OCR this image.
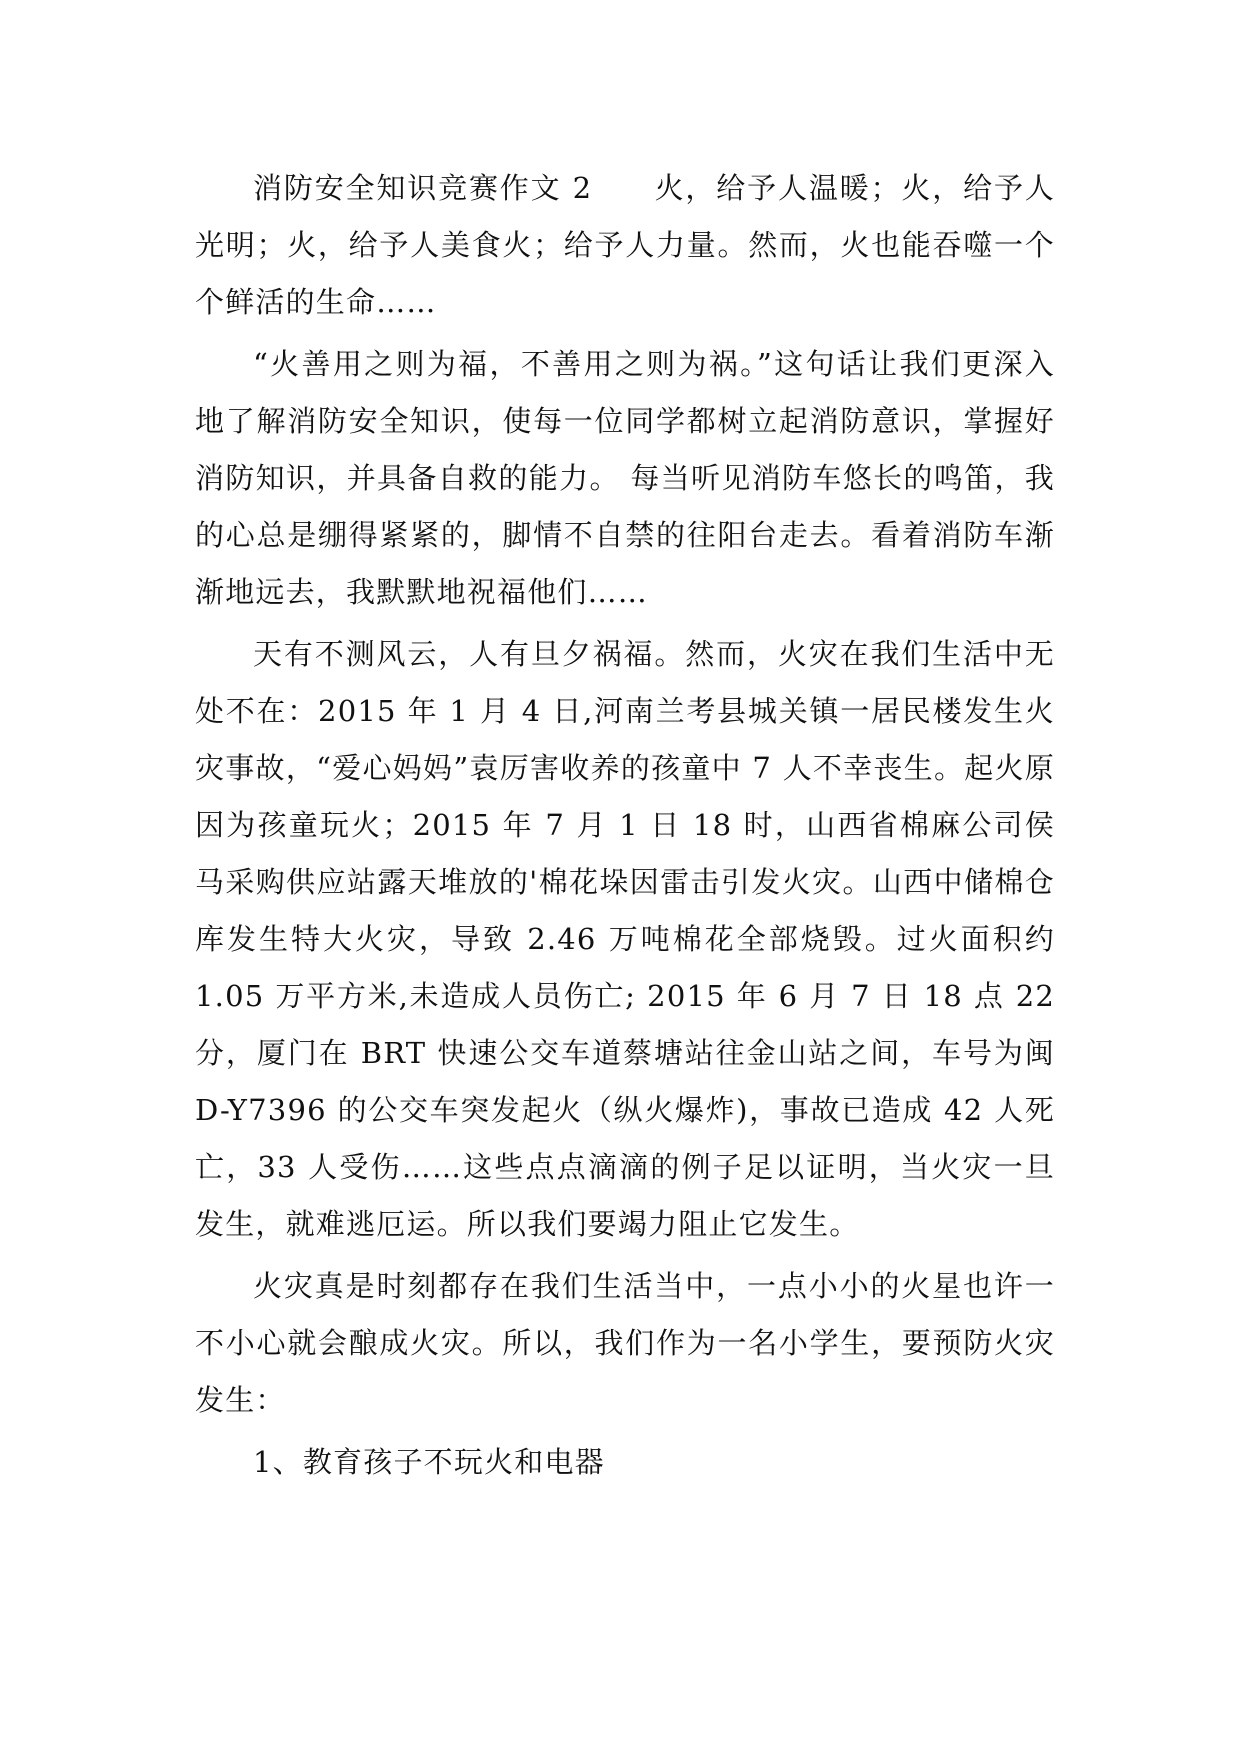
消防安全知识竞赛作文 2　　火，给予人温暖；火，给予人光明；火，给予人美食火；给予人力量。然而，火也能吞噬一个个鲜活的生命……

“火善用之则为福，不善用之则为祸。”这句话让我们更深入地了解消防安全知识，使每一位同学都树立起消防意识，掌握好消防知识，并具备自救的能力。 每当听见消防车悠长的鸣笛，我的心总是绷得紧紧的，脚情不自禁的往阳台走去。看着消防车渐渐地远去，我默默地祝福他们……

天有不测风云，人有旦夕祸福。然而，火灾在我们生活中无处不在：2015 年 1 月 4 日,河南兰考县城关镇一居民楼发生火灾事故，“爱心妈妈”袁厉害收养的孩童中 7 人不幸丧生。起火原因为孩童玩火；2015 年 7 月 1 日 18 时，山西省棉麻公司侯马采购供应站露天堆放的'棉花垛因雷击引发火灾。山西中储棉仓库发生特大火灾，导致 2.46 万吨棉花全部烧毁。过火面积约 1.05 万平方米,未造成人员伤亡; 2015 年 6 月 7 日 18 点 22 分，厦门在 BRT 快速公交车道蔡塘站往金山站之间，车号为闽 D-Y7396 的公交车突发起火（纵火爆炸)，事故已造成 42 人死亡，33 人受伤……这些点点滴滴的例子足以证明，当火灾一旦发生，就难逃厄运。所以我们要竭力阻止它发生。

火灾真是时刻都存在我们生活当中，一点小小的火星也许一不小心就会酿成火灾。所以，我们作为一名小学生，要预防火灾发生：

1、教育孩子不玩火和电器
